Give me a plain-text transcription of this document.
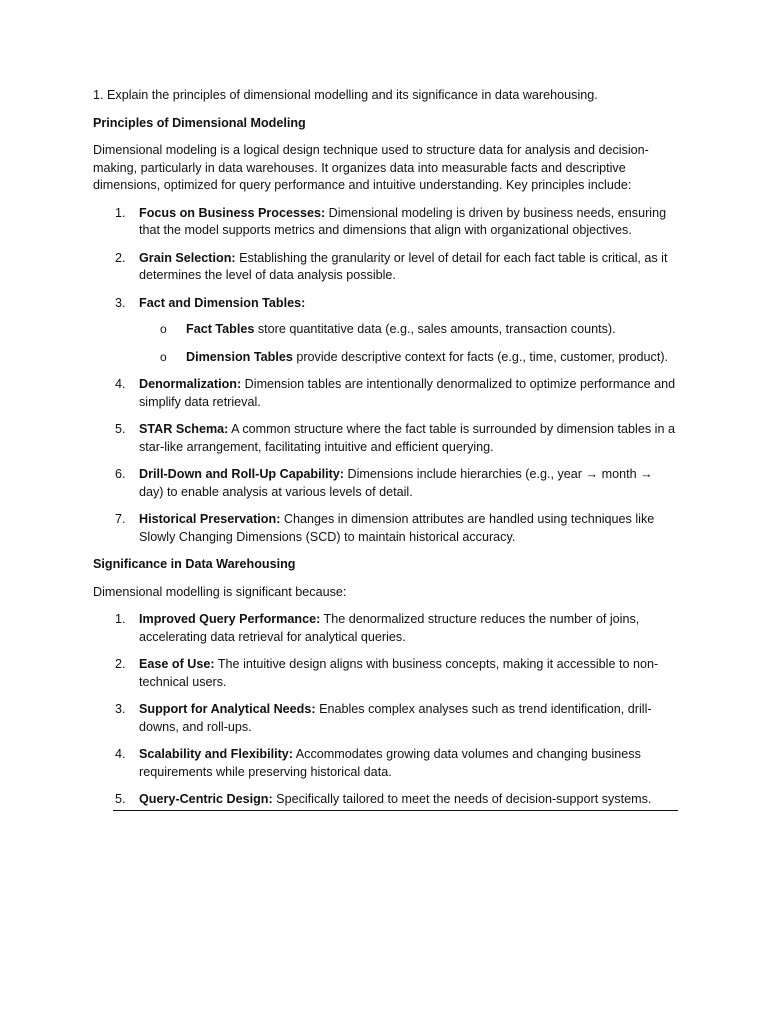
1. Explain the principles of dimensional modelling and its significance in data warehousing.

Principles of Dimensional Modeling

Dimensional modeling is a logical design technique used to structure data for analysis and decision-making, particularly in data warehouses. It organizes data into measurable facts and descriptive dimensions, optimized for query performance and intuitive understanding. Key principles include:

1. Focus on Business Processes: Dimensional modeling is driven by business needs, ensuring that the model supports metrics and dimensions that align with organizational objectives.
2. Grain Selection: Establishing the granularity or level of detail for each fact table is critical, as it determines the level of data analysis possible.
3. Fact and Dimension Tables:
o Fact Tables store quantitative data (e.g., sales amounts, transaction counts).
o Dimension Tables provide descriptive context for facts (e.g., time, customer, product).
4. Denormalization: Dimension tables are intentionally denormalized to optimize performance and simplify data retrieval.
5. STAR Schema: A common structure where the fact table is surrounded by dimension tables in a star-like arrangement, facilitating intuitive and efficient querying.
6. Drill-Down and Roll-Up Capability: Dimensions include hierarchies (e.g., year → month → day) to enable analysis at various levels of detail.
7. Historical Preservation: Changes in dimension attributes are handled using techniques like Slowly Changing Dimensions (SCD) to maintain historical accuracy.

Significance in Data Warehousing

Dimensional modelling is significant because:

1. Improved Query Performance: The denormalized structure reduces the number of joins, accelerating data retrieval for analytical queries.
2. Ease of Use: The intuitive design aligns with business concepts, making it accessible to non-technical users.
3. Support for Analytical Needs: Enables complex analyses such as trend identification, drill-downs, and roll-ups.
4. Scalability and Flexibility: Accommodates growing data volumes and changing business requirements while preserving historical data.
5. Query-Centric Design: Specifically tailored to meet the needs of decision-support systems.
